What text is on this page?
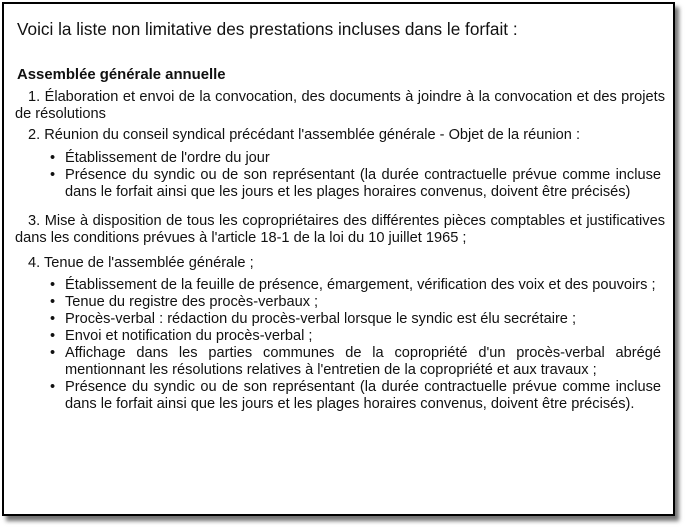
Voici la liste non limitative des prestations incluses dans le forfait :
Assemblée générale annuelle

1. Élaboration et envoi de la convocation, des documents à joindre à la convocation et des projets de résolutions

2. Réunion du conseil syndical précédant l'assemblée générale - Objet de la réunion :

• Établissement de l'ordre du jour
• Présence du syndic ou de son représentant (la durée contractuelle prévue comme incluse dans le forfait ainsi que les jours et les plages horaires convenus, doivent être précisés)

3. Mise à disposition de tous les copropriétaires des différentes pièces comptables et justificatives dans les conditions prévues à l'article 18-1 de la loi du 10 juillet 1965 ;

4. Tenue de l'assemblée générale ;

• Établissement de la feuille de présence, émargement, vérification des voix et des pouvoirs ;
• Tenue du registre des procès-verbaux ;
• Procès-verbal : rédaction du procès-verbal lorsque le syndic est élu secrétaire ;
• Envoi et notification du procès-verbal ;
• Affichage dans les parties communes de la copropriété d'un procès-verbal abrégé mentionnant les résolutions relatives à l'entretien de la copropriété et aux travaux ;
• Présence du syndic ou de son représentant (la durée contractuelle prévue comme incluse dans le forfait ainsi que les jours et les plages horaires convenus, doivent être précisés).
